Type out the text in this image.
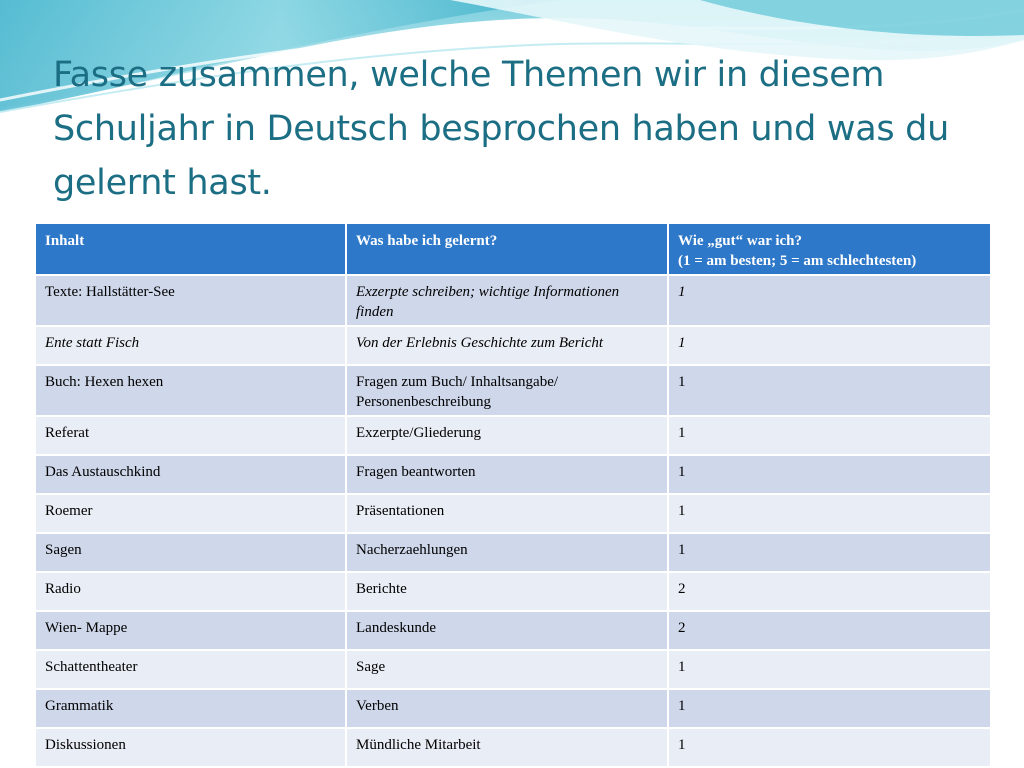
Fasse zusammen, welche Themen wir in diesem Schuljahr in Deutsch besprochen haben und was du gelernt hast.
Inhalt	Was habe ich gelernt?	Wie „gut“ war ich?
(1 = am besten; 5 = am schlechtesten)

Texte: Hallstätter-See	Exzerpte schreiben; wichtige Informationen finden	1
Ente statt Fisch	Von der Erlebnis Geschichte zum Bericht	1
Buch: Hexen hexen	Fragen zum Buch/ Inhaltsangabe/ Personenbeschreibung	1
Referat	Exzerpte/Gliederung	1
Das Austauschkind	Fragen beantworten	1
Roemer	Präsentationen	1
Sagen	Nacherzaehlungen	1
Radio	Berichte	2
Wien- Mappe	Landeskunde	2
Schattentheater	Sage	1
Grammatik	Verben	1
Diskussionen	Mündliche Mitarbeit	1
